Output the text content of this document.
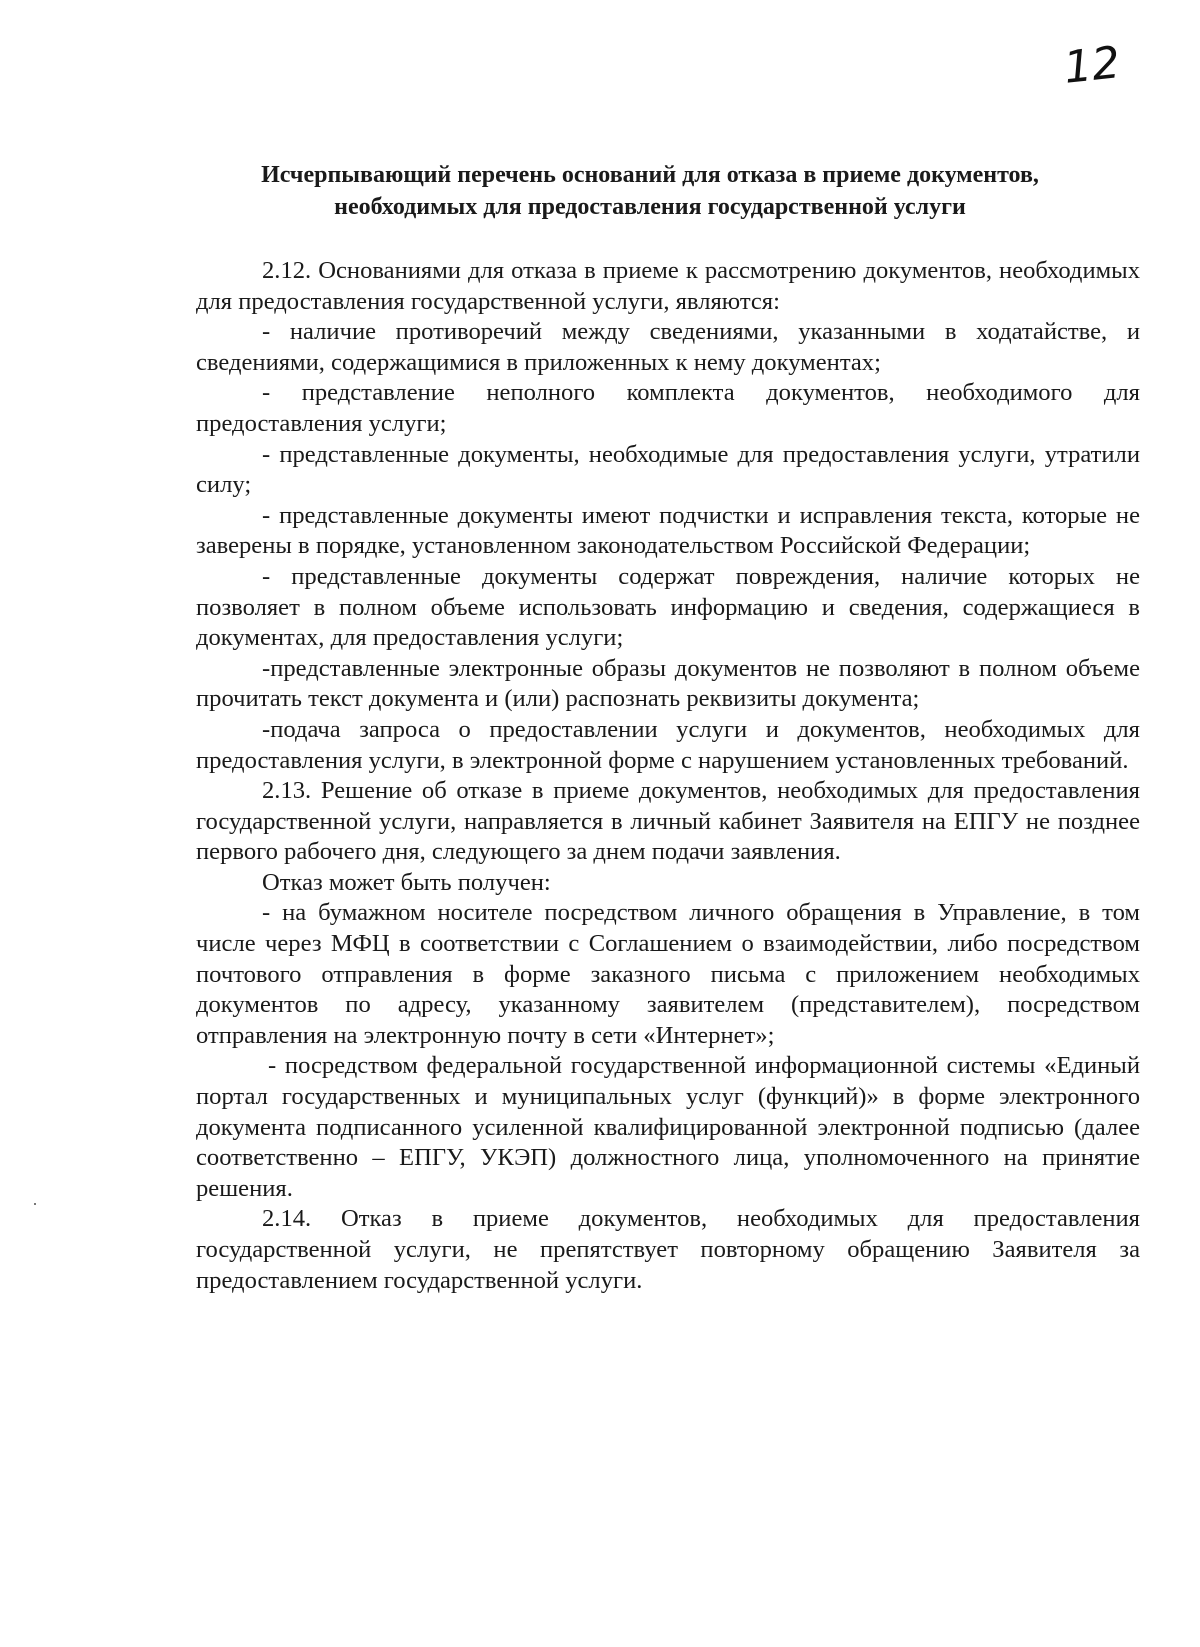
12
Исчерпывающий перечень оснований для отказа в приеме документов,
необходимых для предоставления государственной услуги

2.12. Основаниями для отказа в приеме к рассмотрению документов, необходимых для предоставления государственной услуги, являются:

- наличие противоречий между сведениями, указанными в ходатайстве, и сведениями, содержащимися в приложенных к нему документах;

- представление неполного комплекта документов, необходимого для предоставления услуги;

- представленные документы, необходимые для предоставления услуги, утратили силу;

- представленные документы имеют подчистки и исправления текста, которые не заверены в порядке, установленном законодательством Российской Федерации;

- представленные документы содержат повреждения, наличие которых не позволяет в полном объеме использовать информацию и сведения, содержащиеся в документах, для предоставления услуги;

-представленные электронные образы документов не позволяют в полном объеме прочитать текст документа и (или) распознать реквизиты документа;

-подача запроса о предоставлении услуги и документов, необходимых для предоставления услуги, в электронной форме с нарушением установленных требований.

2.13. Решение об отказе в приеме документов, необходимых для предоставления государственной услуги, направляется в личный кабинет Заявителя на ЕПГУ не позднее первого рабочего дня, следующего за днем подачи заявления.

Отказ может быть получен:

- на бумажном носителе посредством личного обращения в Управление, в том числе через МФЦ в соответствии с Соглашением о взаимодействии, либо посредством почтового отправления в форме заказного письма с приложением необходимых документов по адресу, указанному заявителем (представителем), посредством отправления на электронную почту в сети «Интернет»;

- посредством федеральной государственной информационной системы «Единый портал государственных и муниципальных услуг (функций)» в форме электронного документа подписанного усиленной квалифицированной электронной подписью (далее соответственно – ЕПГУ, УКЭП) должностного лица, уполномоченного на принятие решения.

2.14. Отказ в приеме документов, необходимых для предоставления государственной услуги, не препятствует повторному обращению Заявителя за предоставлением государственной услуги.
